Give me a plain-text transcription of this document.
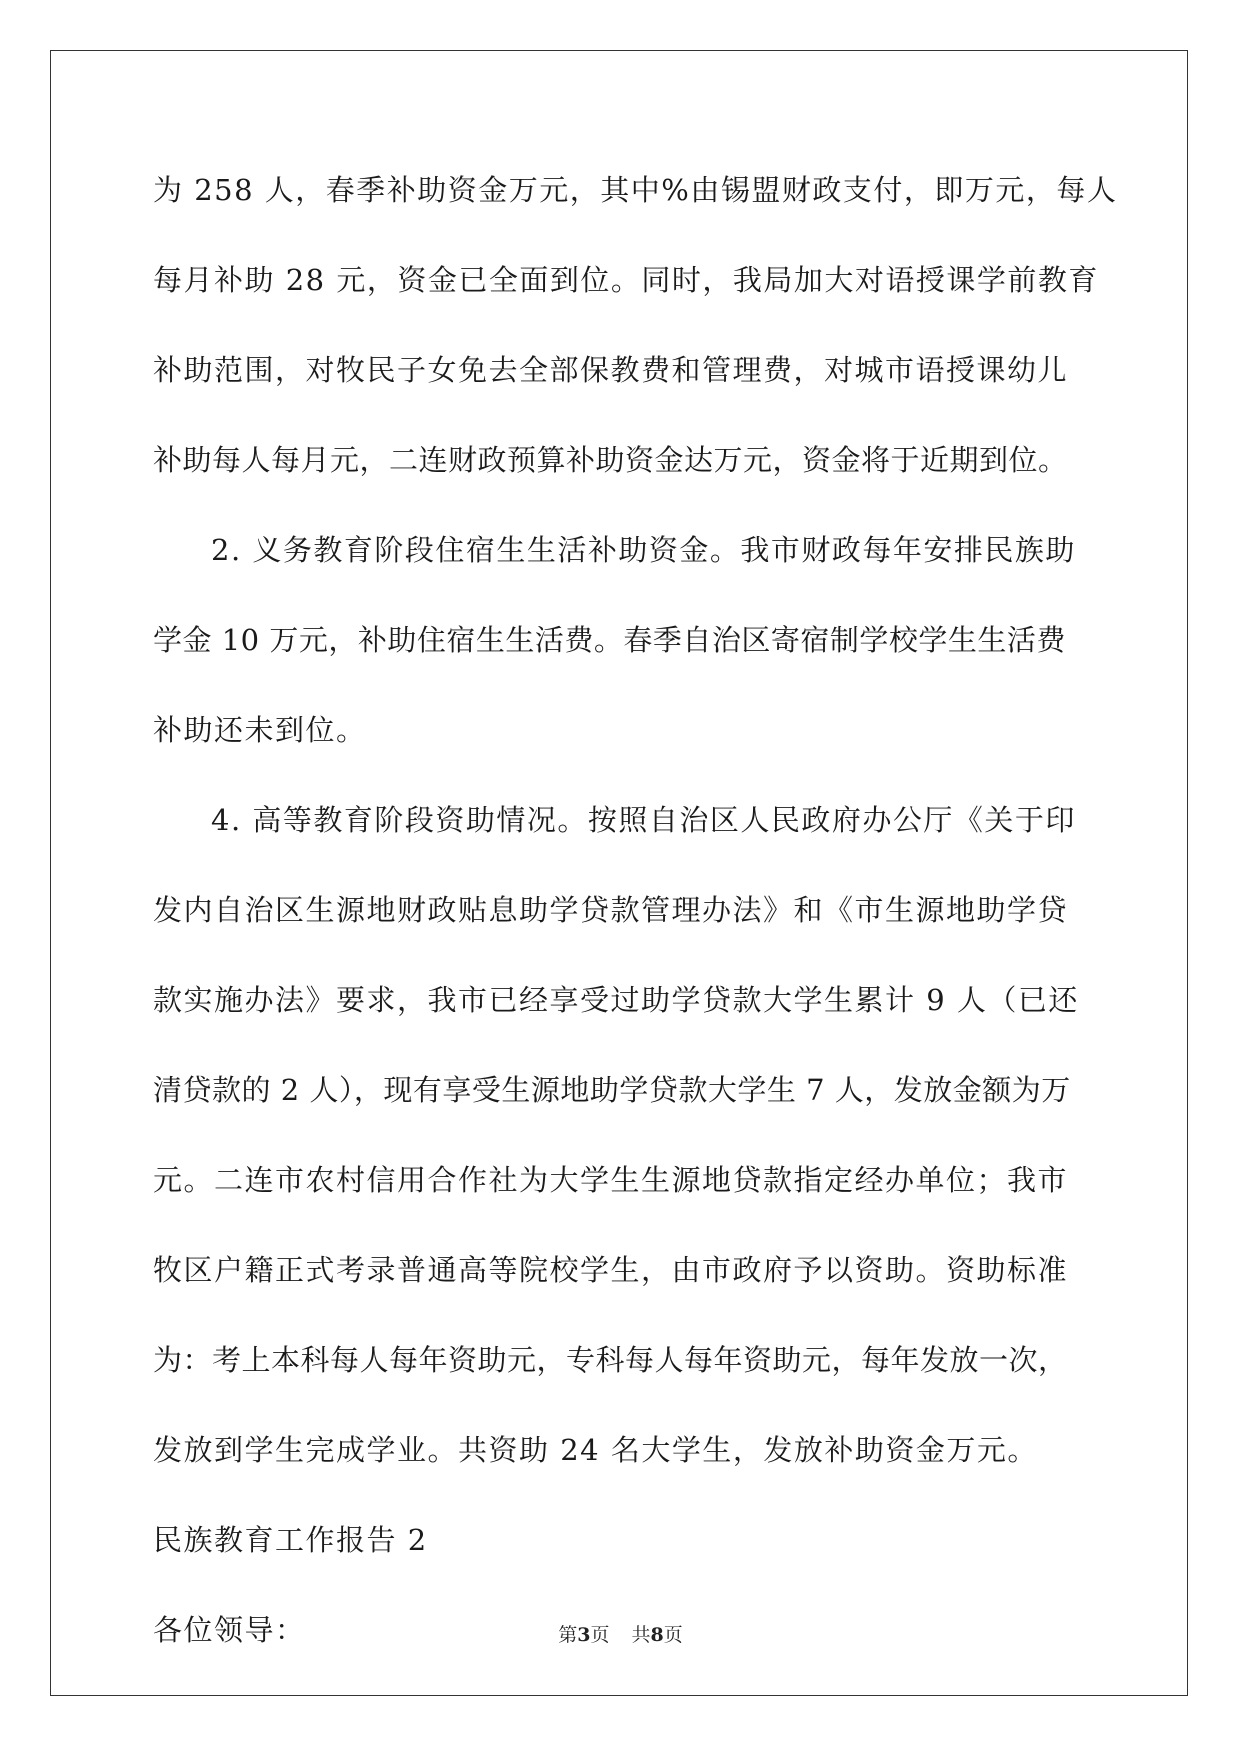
为 258 人，春季补助资金万元，其中%由锡盟财政支付，即万元，每人
每月补助 28 元，资金已全面到位。同时，我局加大对语授课学前教育
补助范围，对牧民子女免去全部保教费和管理费，对城市语授课幼儿
补助每人每月元，二连财政预算补助资金达万元，资金将于近期到位。
2. 义务教育阶段住宿生生活补助资金。我市财政每年安排民族助
学金 10 万元，补助住宿生生活费。春季自治区寄宿制学校学生生活费
补助还未到位。
4. 高等教育阶段资助情况。按照自治区人民政府办公厅《关于印
发内自治区生源地财政贴息助学贷款管理办法》和《市生源地助学贷
款实施办法》要求，我市已经享受过助学贷款大学生累计 9 人（已还
清贷款的 2 人），现有享受生源地助学贷款大学生 7 人，发放金额为万
元。二连市农村信用合作社为大学生生源地贷款指定经办单位；我市
牧区户籍正式考录普通高等院校学生，由市政府予以资助。资助标准
为：考上本科每人每年资助元，专科每人每年资助元，每年发放一次，
发放到学生完成学业。共资助 24 名大学生，发放补助资金万元。
民族教育工作报告 2
各位领导：	第3页 共8页
